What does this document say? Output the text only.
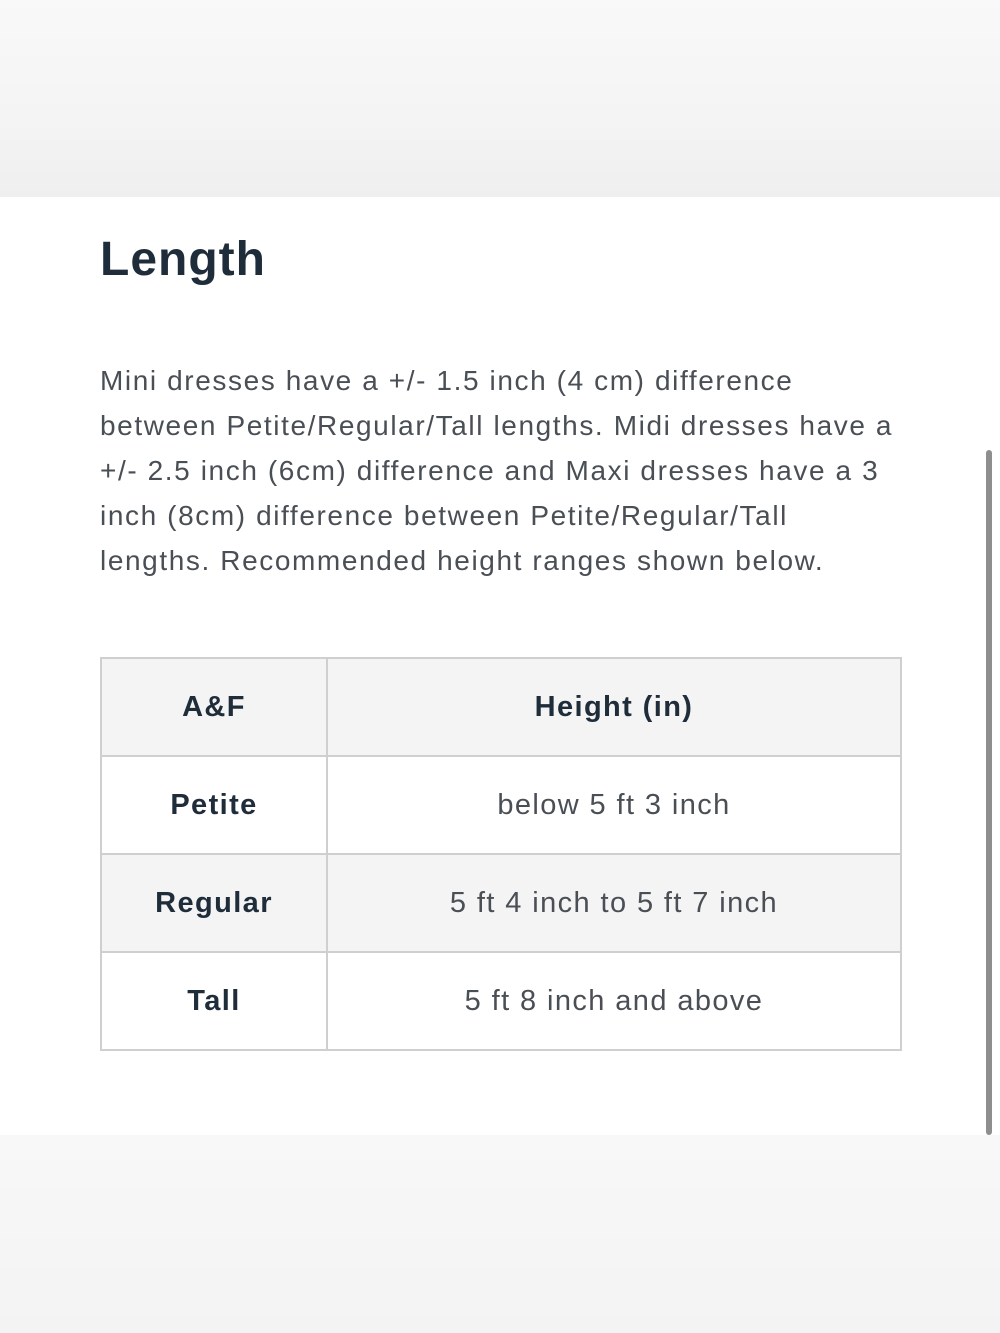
Length

Mini dresses have a +/- 1.5 inch (4 cm) difference between Petite/Regular/Tall lengths. Midi dresses have a +/- 2.5 inch (6cm) difference and Maxi dresses have a 3 inch (8cm) difference between Petite/Regular/Tall lengths. Recommended height ranges shown below.

A&F	Height (in)
Petite	below 5 ft 3 inch
Regular	5 ft 4 inch to 5 ft 7 inch
Tall	5 ft 8 inch and above
